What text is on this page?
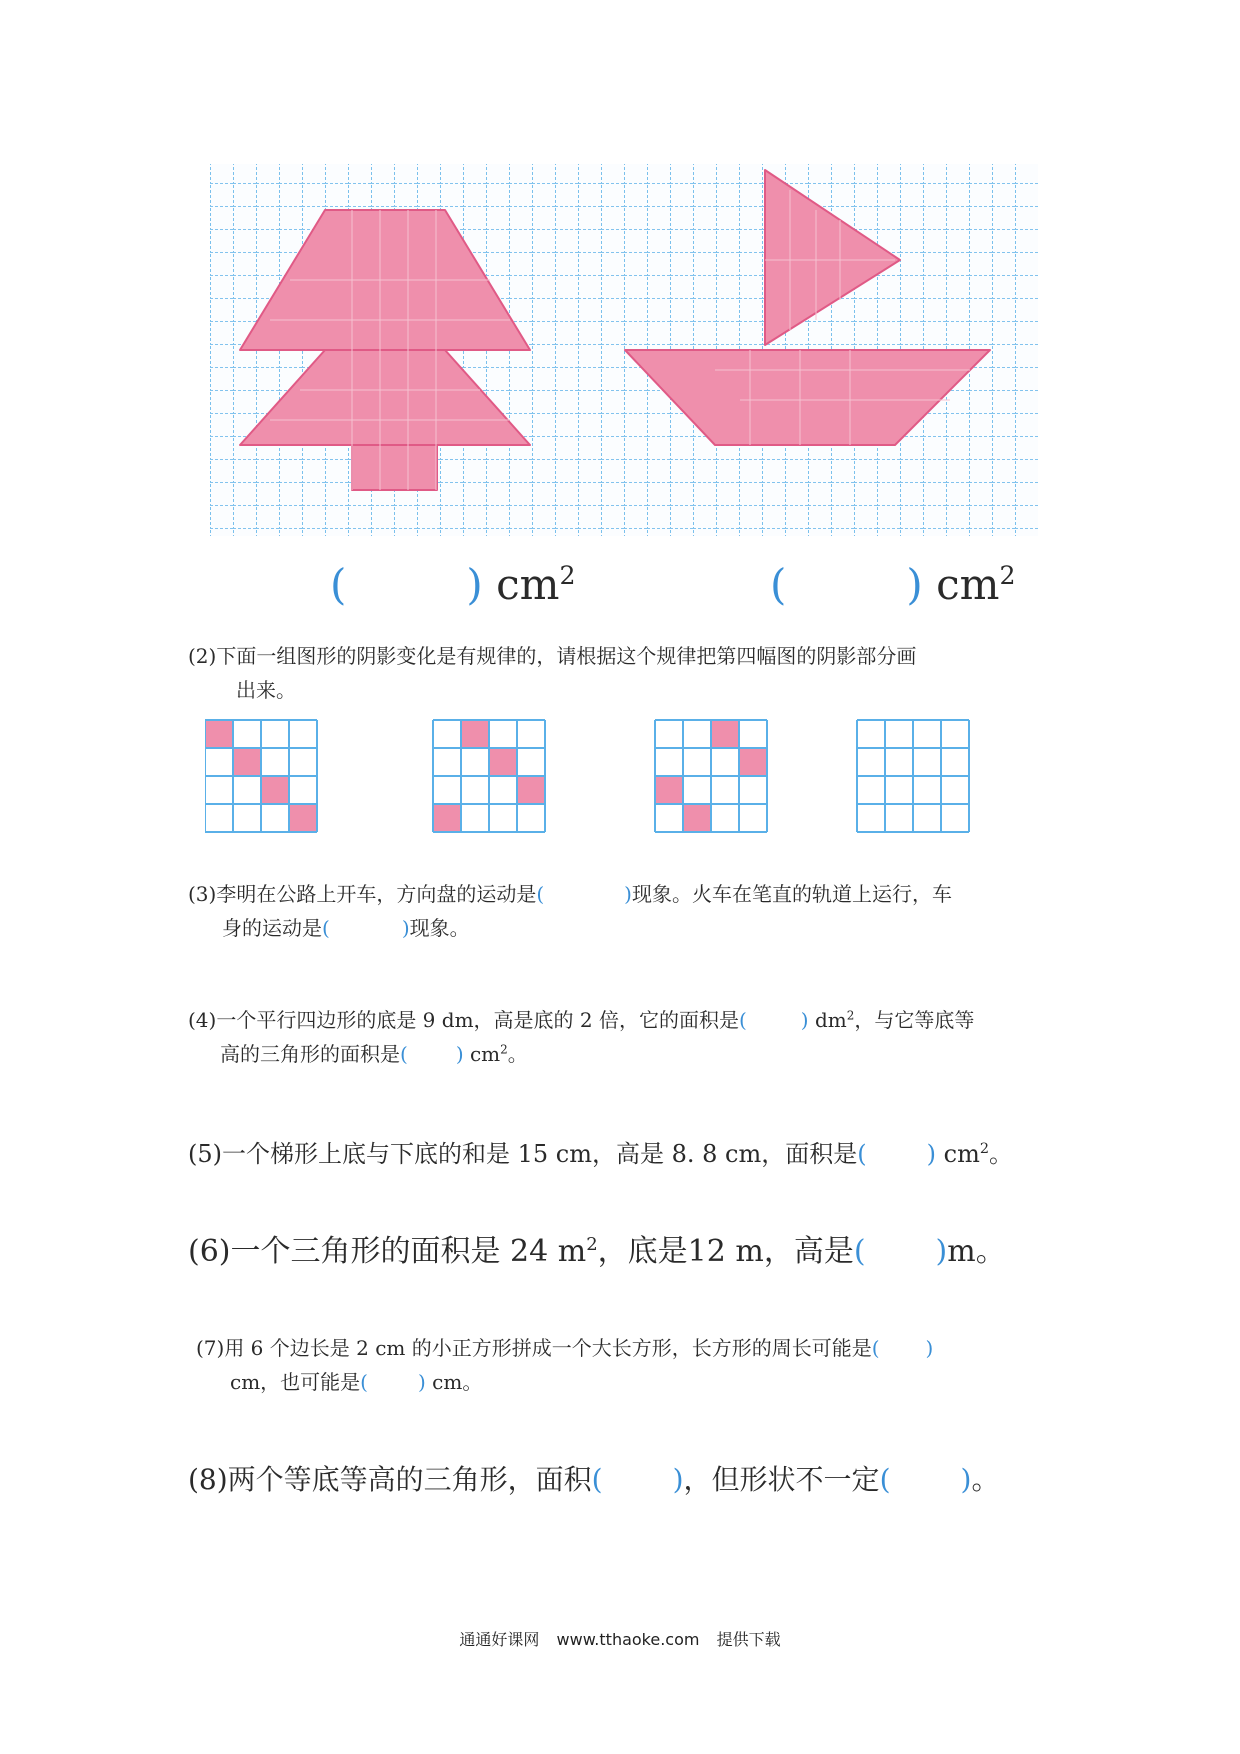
(	) $cm^2$	(	) $cm^2$
(2)下面一组图形的阴影变化是有规律的，请根据这个规律把第四幅图的阴影部分画
出来。
(3)李明在公路上开车，方向盘的运动是(	)现象。火车在笔直的轨道上运行，车
身的运动是(	)现象。
(4)一个平行四边形的底是 9 dm，高是底的 2 倍，它的面积是(	) $dm^2$，与它等底等
高的三角形的面积是( ) $cm^2$。
(5)一个梯形上底与下底的和是 15 cm，高是 8. 8 cm，面积是(	) $cm^2$。
(6)一个三角形的面积是 24 $m^2$，底是12 m，高是( )m。
(7)用 6 个边长是 2 cm 的小正方形拼成一个大长方形，长方形的周长可能是( )
cm，也可能是(	) cm。
(8)两个等底等高的三角形，面积(	)，但形状不一定(	)。
通通好课网 www.tthaoke.com 提供下载
